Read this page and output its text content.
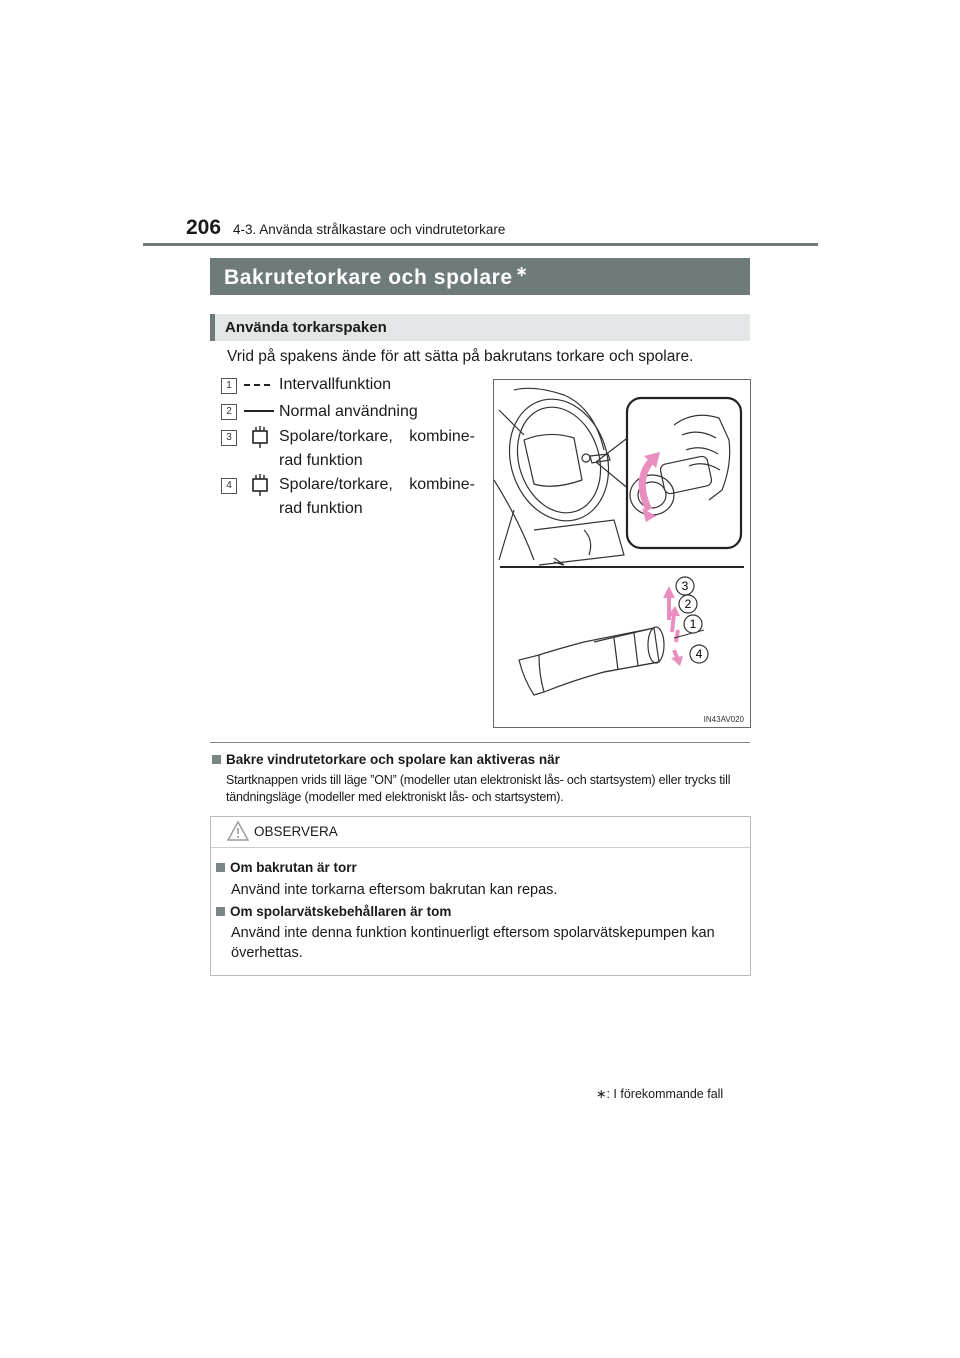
206 4-3. Använda strålkastare och vindrutetorkare
Bakrutetorkare och spolare ∗
Använda torkarspaken
Vrid på spakens ände för att sätta på bakrutans torkare och spolare.
1	Intervallfunktion
2	Normal användning
3	Spolare/torkare, kombine-
rad funktion
4	Spolare/torkare, kombine-
rad funktion
3
2
1
4
IN43AV020
Bakre vindrutetorkare och spolare kan aktiveras när
Startknappen vrids till läge ”ON” (modeller utan elektroniskt lås- och startsystem) eller trycks till tändningsläge (modeller med elektroniskt lås- och startsystem).
OBSERVERA
Om bakrutan är torr
Använd inte torkarna eftersom bakrutan kan repas.
Om spolarvätskebehållaren är tom
Använd inte denna funktion kontinuerligt eftersom spolarvätskepumpen kan överhettas.
∗: I förekommande fall
